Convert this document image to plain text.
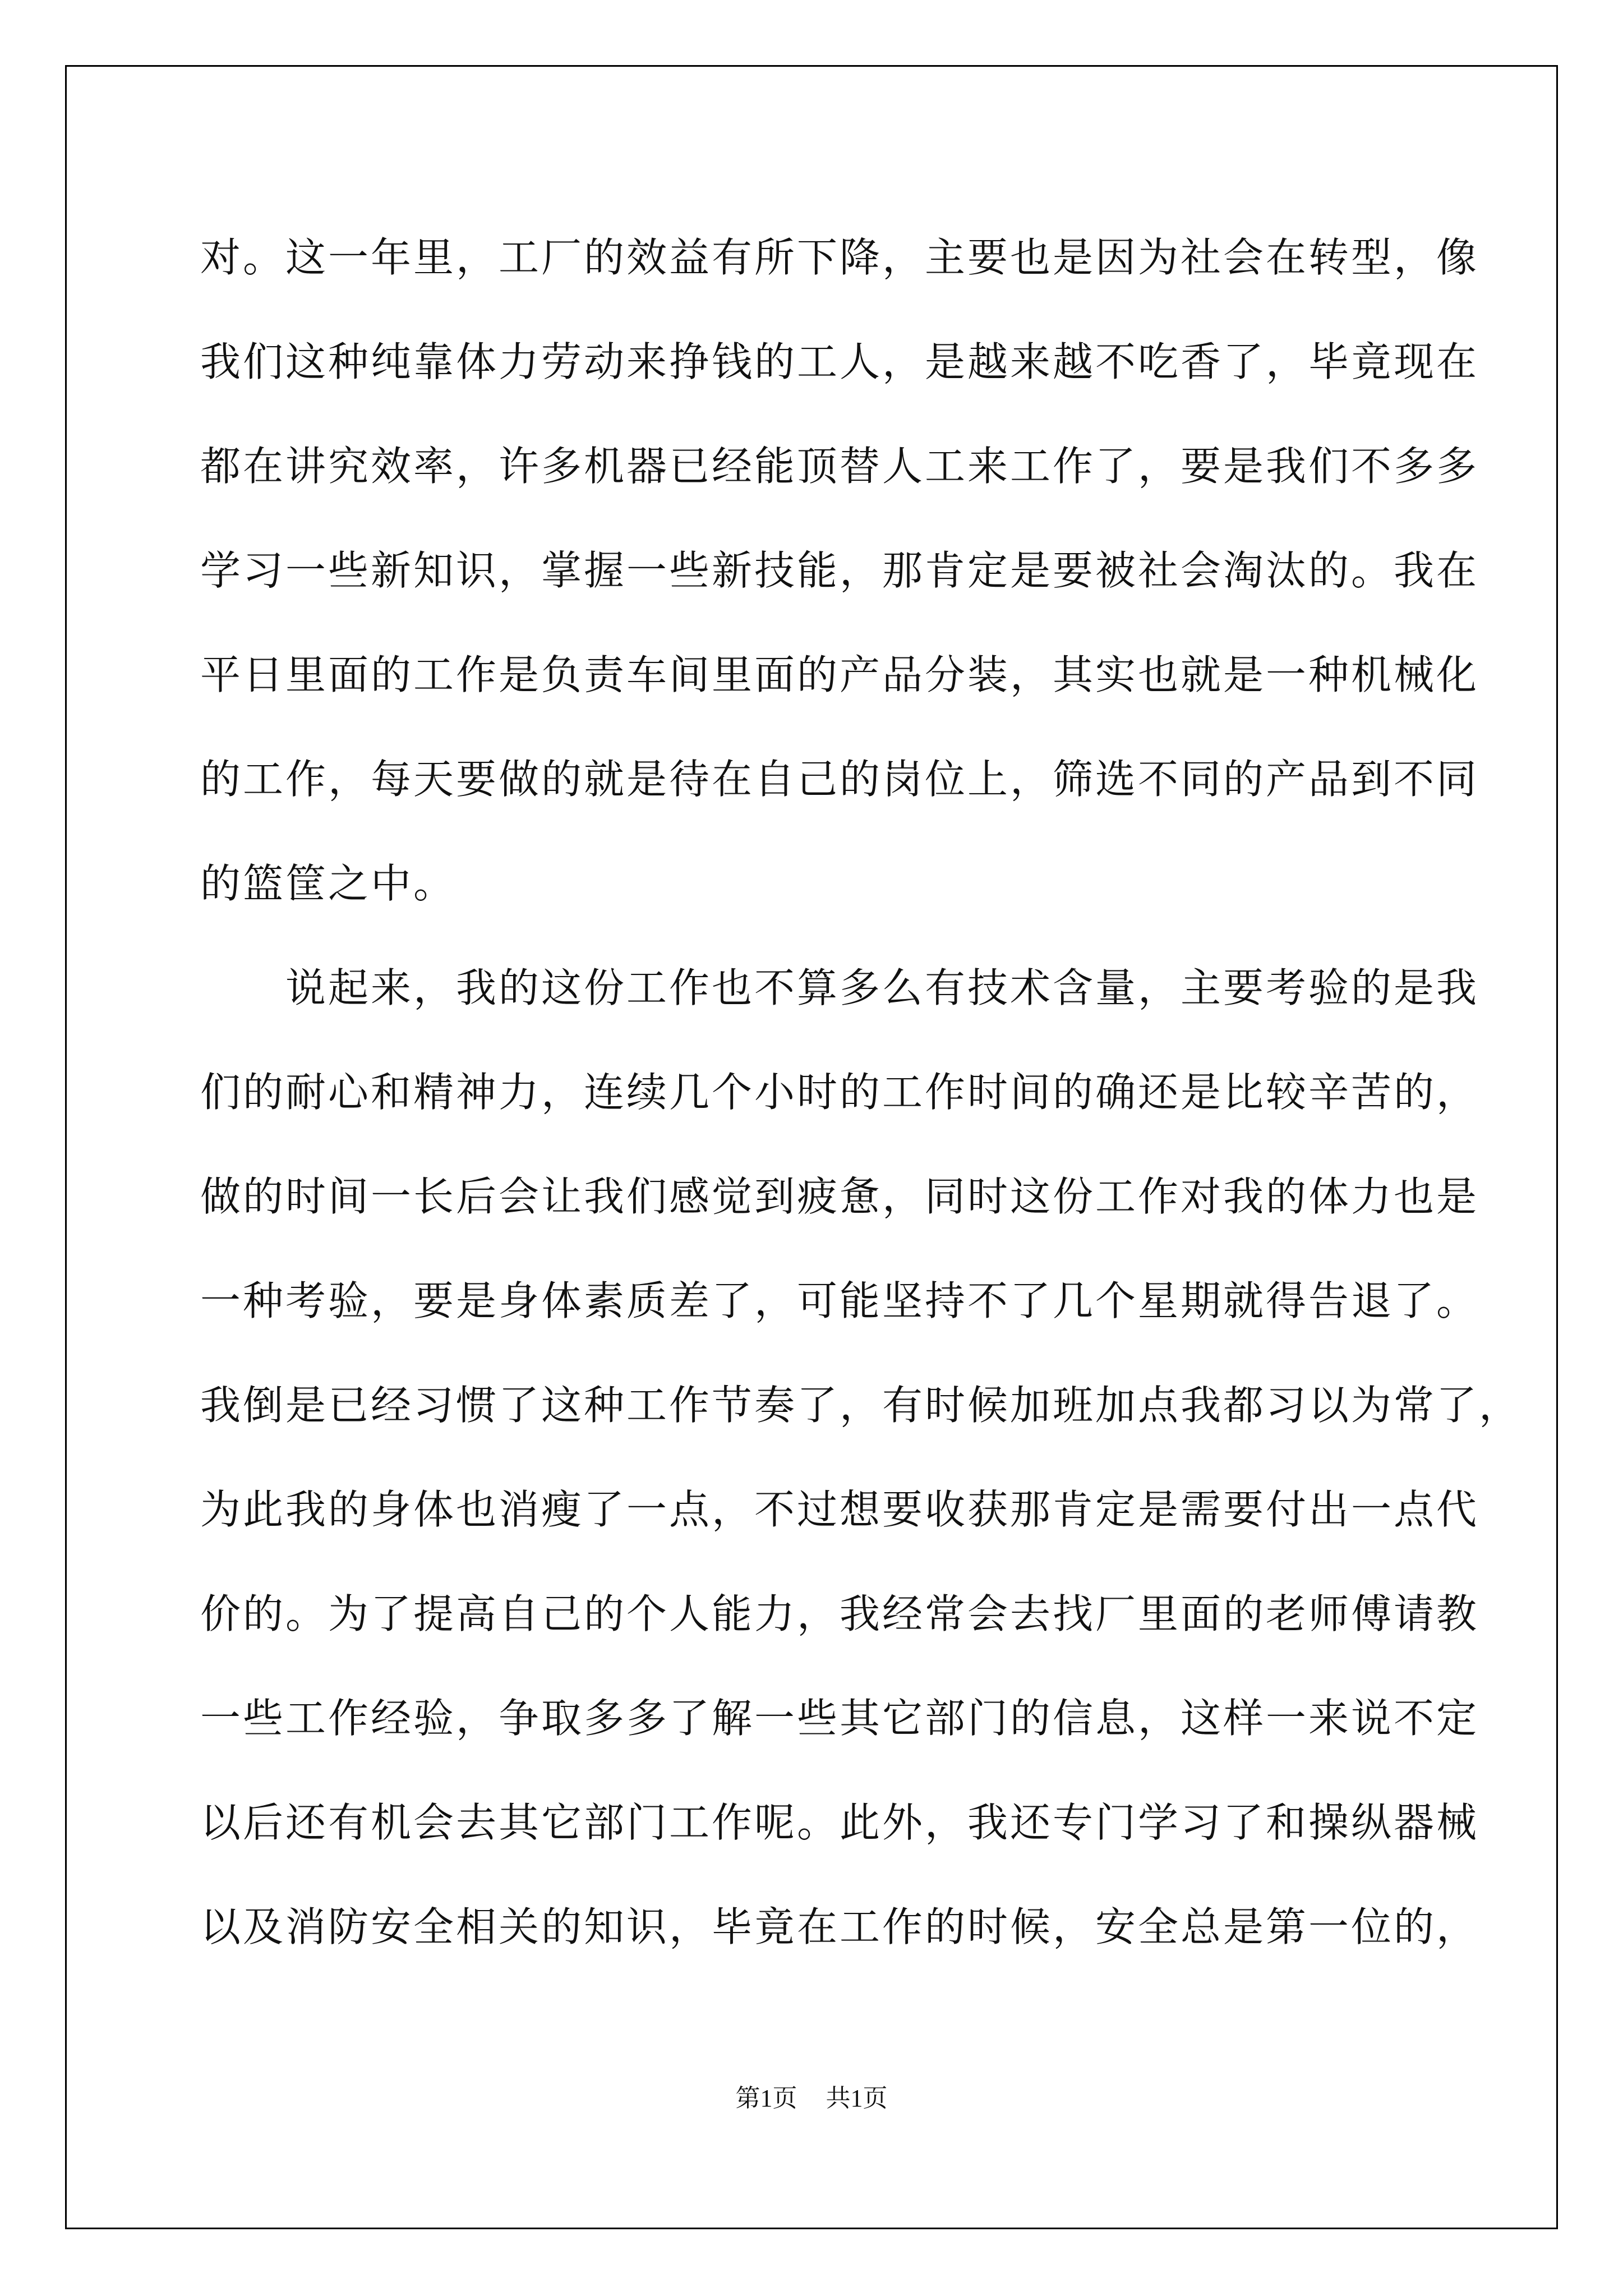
对。这一年里，工厂的效益有所下降，主要也是因为社会在转型，像
我们这种纯靠体力劳动来挣钱的工人，是越来越不吃香了，毕竟现在
都在讲究效率，许多机器已经能顶替人工来工作了，要是我们不多多
学习一些新知识，掌握一些新技能，那肯定是要被社会淘汰的。我在
平日里面的工作是负责车间里面的产品分装，其实也就是一种机械化
的工作，每天要做的就是待在自己的岗位上，筛选不同的产品到不同
的篮筐之中。
　　说起来，我的这份工作也不算多么有技术含量，主要考验的是我
们的耐心和精神力，连续几个小时的工作时间的确还是比较辛苦的，
做的时间一长后会让我们感觉到疲惫，同时这份工作对我的体力也是
一种考验，要是身体素质差了，可能坚持不了几个星期就得告退了。
我倒是已经习惯了这种工作节奏了，有时候加班加点我都习以为常了，
为此我的身体也消瘦了一点，不过想要收获那肯定是需要付出一点代
价的。为了提高自己的个人能力，我经常会去找厂里面的老师傅请教
一些工作经验，争取多多了解一些其它部门的信息，这样一来说不定
以后还有机会去其它部门工作呢。此外，我还专门学习了和操纵器械
以及消防安全相关的知识，毕竟在工作的时候，安全总是第一位的，
第1页 共1页
